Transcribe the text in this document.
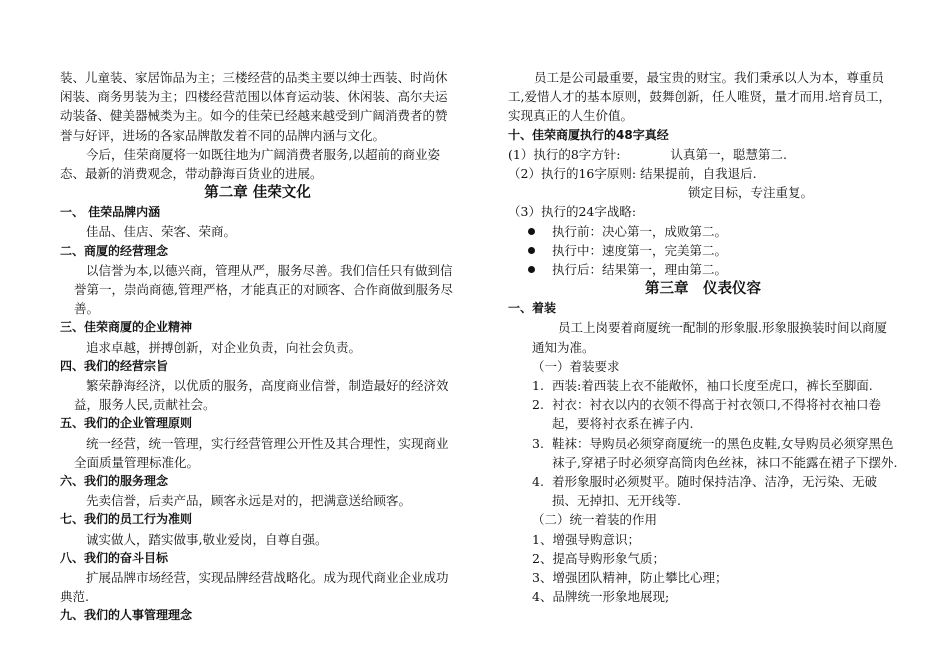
装、儿童装、家居饰品为主；三楼经营的品类主要以绅士西装、时尚休闲装、商务男装为主；四楼经营范围以体育运动装、休闲装、高尔夫运动装备、健美器械类为主。如今的佳荣已经越来越受到广阔消费者的赞誉与好评，进场的各家品牌散发着不同的品牌内涵与文化。

今后，佳荣商厦将一如既往地为广阔消费者服务,以超前的商业姿态、最新的消费观念，带动静海百货业的进展。

第二章 佳荣文化

一、 佳荣品牌内涵

佳品、佳店、荣客、荣商。

二、商厦的经营理念

以信誉为本,以德兴商，管理从严，服务尽善。我们信任只有做到信誉第一，崇尚商德,管理严格，才能真正的对顾客、合作商做到服务尽善。

三、佳荣商厦的企业精神

追求卓越，拼搏创新，对企业负责，向社会负责。

四、我们的经营宗旨

繁荣静海经济，以优质的服务，高度商业信誉，制造最好的经济效益，服务人民,贡献社会。

五、我们的企业管理原则

统一经营，统一管理，实行经营管理公开性及其合理性，实现商业全面质量管理标准化。

六、我们的服务理念

先卖信誉，后卖产品，顾客永远是对的，把满意送给顾客。

七、我们的员工行为准则

诚实做人，踏实做事,敬业爱岗，自尊自强。

八、我们的奋斗目标

扩展品牌市场经营，实现品牌经营战略化。成为现代商业企业成功典范.

九、我们的人事管理理念

员工是公司最重要，最宝贵的财宝。我们秉承以人为本，尊重员工,爱惜人才的基本原则，鼓舞创新，任人唯贤，量才而用.培育员工，实现真正的人生价值。

十、佳荣商厦执行的48字真经

(1）执行的8字方针:	认真第一，聪慧第二.

（2）执行的16字原则: 结果提前，自我退后.

锁定目标，专注重复。

（3）执行的24字战略:

执行前：决心第一，成败第二。

执行中：速度第一，完美第二。

执行后：结果第一，理由第二。

第三章　仪表仪容

一、着装

员工上岗要着商厦统一配制的形象服.形象服换装时间以商厦通知为准。

（一）着装要求

1. 西装:着西装上衣不能敞怀，袖口长度至虎口，裤长至脚面.

2. 衬衣：衬衣以内的衣领不得高于衬衣领口,不得将衬衣袖口卷起，要将衬衣系在裤子内.

3. 鞋袜：导购员必须穿商厦统一的黑色皮鞋,女导购员必须穿黑色袜子,穿裙子时必须穿高筒肉色丝袜，袜口不能露在裙子下摆外.

4. 着形象服时必须熨平。随时保持洁净、洁净，无污染、无破损、无掉扣、无开线等.

（二）统一着装的作用

1、增强导购意识；

2、提高导购形象气质；

3、增强团队精神，防止攀比心理；

4、品牌统一形象地展现;
